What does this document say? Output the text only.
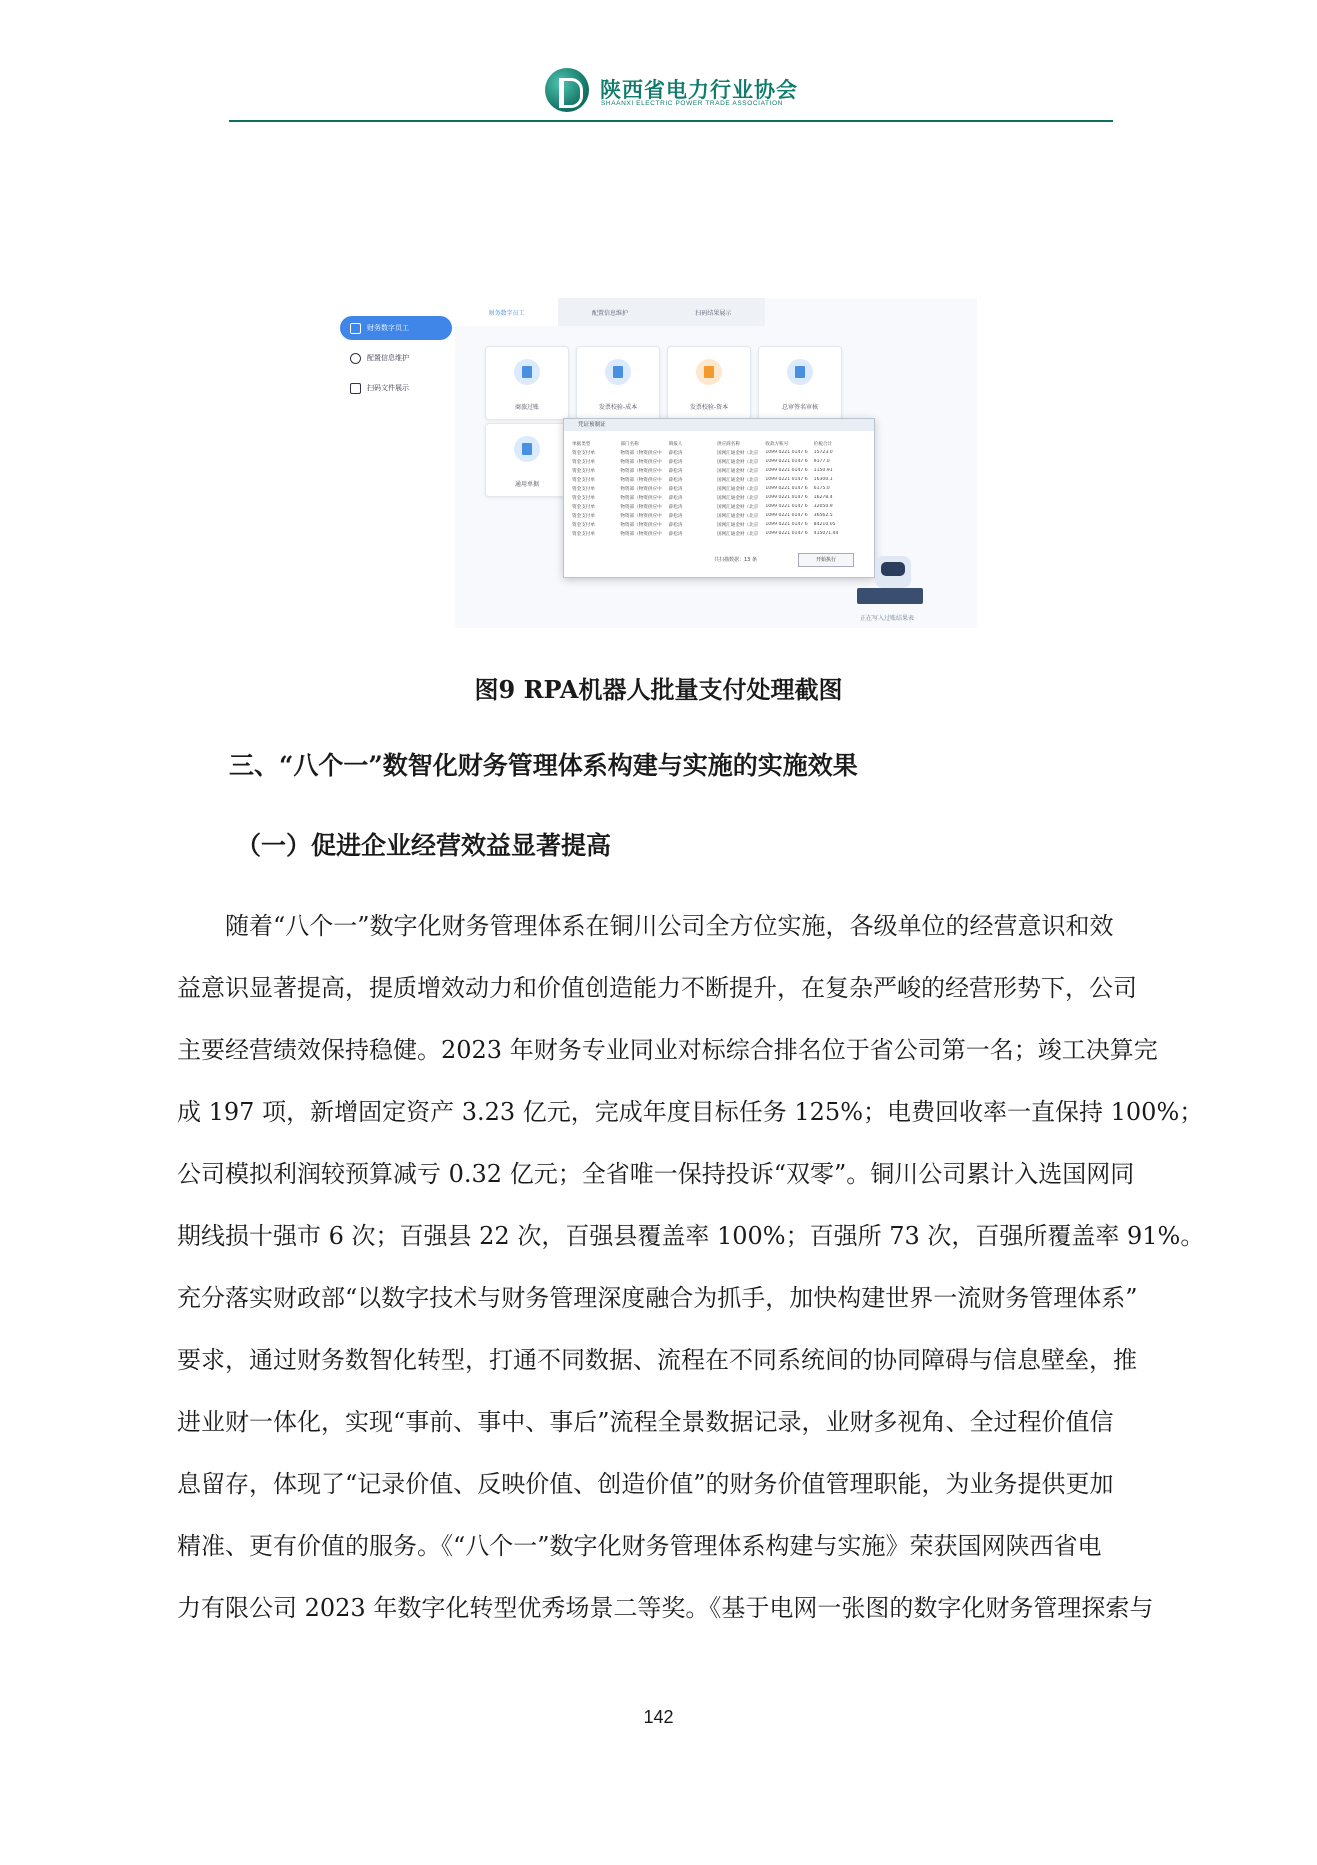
陕西省电力行业协会
SHAANXI ELECTRIC POWER TRADE ASSOCIATION
财务数字员工
配置信息维护
扫码文件展示
财务数字员工	配置信息维护	扫码结果展示
商旅过账	发票校验-成本	发票校验-资本	总审签名审核
通用单据
凭证预制证
单据类型	部门名称	填报人	供应商名称	收款方账号	价税合计
资金支付单	物资部（物资供应中	薛松涛	国网汇通金财（北京	1099 0221 0147 6	15723.0
资金支付单	物资部（物资供应中	薛松涛	国网汇通金财（北京	1099 0221 0147 6	9177.0
资金支付单	物资部（物资供应中	薛松涛	国网汇通金财（北京	1099 0221 0147 6	1150.91
资金支付单	物资部（物资供应中	薛松涛	国网汇通金财（北京	1099 0221 0147 6	16300.1
资金支付单	物资部（物资供应中	薛松涛	国网汇通金财（北京	1099 0221 0147 6	6175.0
资金支付单	物资部（物资供应中	薛松涛	国网汇通金财（北京	1099 0221 0147 6	16278.4
资金支付单	物资部（物资供应中	薛松涛	国网汇通金财（北京	1099 0221 0147 6	32050.9
资金支付单	物资部（物资供应中	薛松涛	国网汇通金财（北京	1099 0221 0147 6	36562.5
资金支付单	物资部（物资供应中	薛松涛	国网汇通金财（北京	1099 0221 0147 6	84210.05
资金支付单	物资部（物资供应中	薛松涛	国网汇通金财（北京	1099 0221 0147 6	415071.44
共扫描数据：13 条	开始执行
正在写入过账结果表
图9 RPA机器人批量支付处理截图
三、“八个一”数智化财务管理体系构建与实施的实施效果
（一）促进企业经营效益显著提高
　　随着“八个一”数字化财务管理体系在铜川公司全方位实施，各级单位的经营意识和效
益意识显著提高，提质增效动力和价值创造能力不断提升，在复杂严峻的经营形势下，公司
主要经营绩效保持稳健。2023 年财务专业同业对标综合排名位于省公司第一名；竣工决算完
成 197 项，新增固定资产 3.23 亿元，完成年度目标任务 125%；电费回收率一直保持 100%；
公司模拟利润较预算减亏 0.32 亿元；全省唯一保持投诉“双零”。铜川公司累计入选国网同
期线损十强市 6 次；百强县 22 次，百强县覆盖率 100%；百强所 73 次，百强所覆盖率 91%。
充分落实财政部“以数字技术与财务管理深度融合为抓手，加快构建世界一流财务管理体系”
要求，通过财务数智化转型，打通不同数据、流程在不同系统间的协同障碍与信息壁垒，推
进业财一体化，实现“事前、事中、事后”流程全景数据记录，业财多视角、全过程价值信
息留存，体现了“记录价值、反映价值、创造价值”的财务价值管理职能，为业务提供更加
精准、更有价值的服务。《“八个一”数字化财务管理体系构建与实施》荣获国网陕西省电
力有限公司 2023 年数字化转型优秀场景二等奖。《基于电网一张图的数字化财务管理探索与
142
